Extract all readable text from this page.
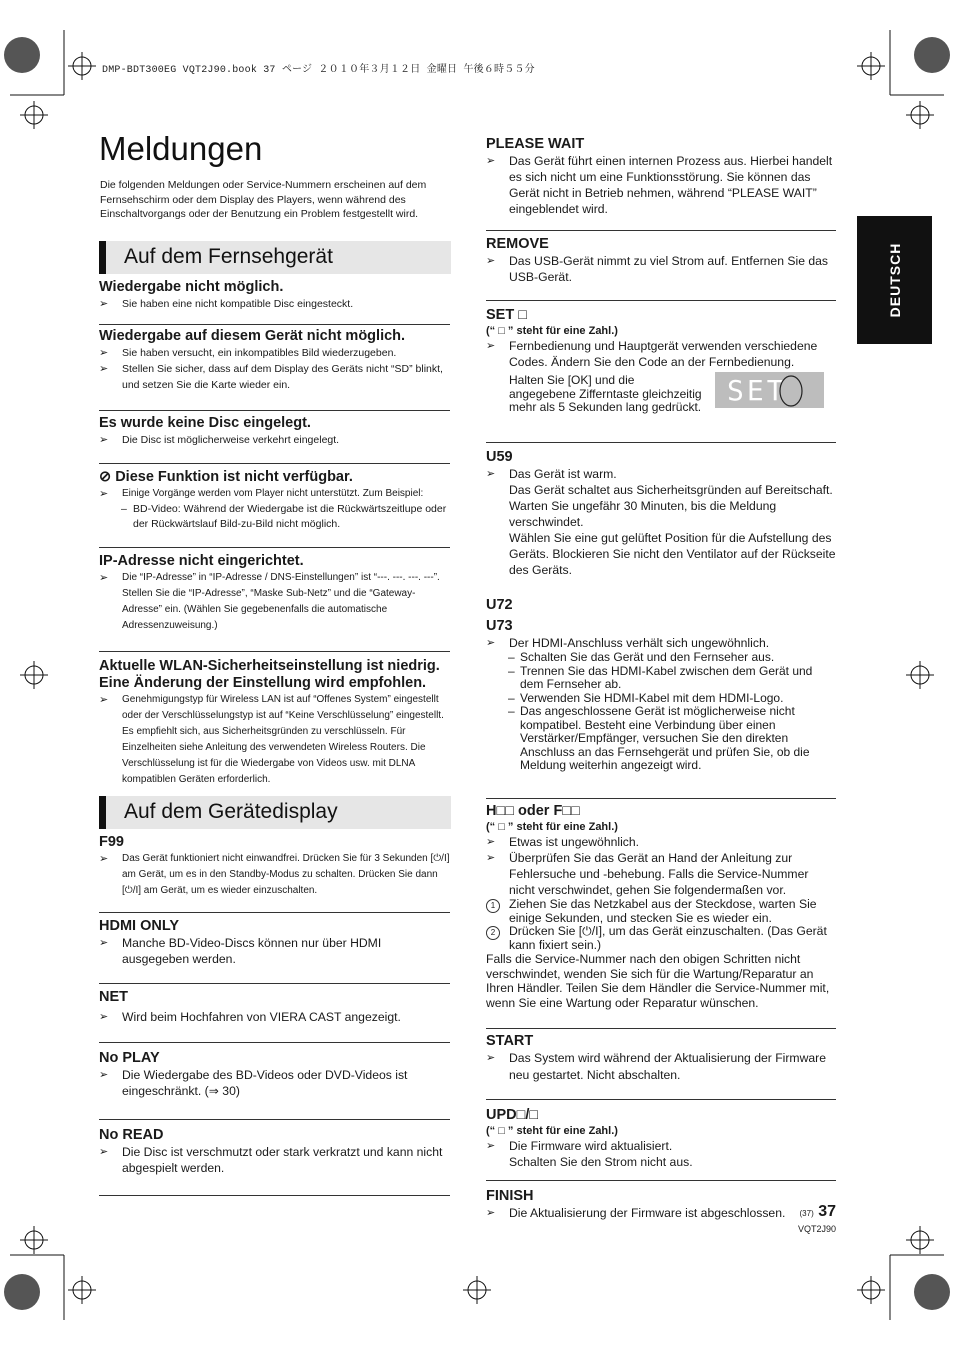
DMP-BDT300EG VQT2J90.book 37 ページ ２０１０年３月１２日 金曜日 午後６時５５分
Meldungen
Die folgenden Meldungen oder Service-Nummern erscheinen auf dem Fernsehschirm oder dem Display des Players, wenn während des Einschaltvorgangs oder der Benutzung ein Problem festgestellt wird.
DEUTSCH
Auf dem Fernsehgerät
Wiedergabe nicht möglich.
➢ Sie haben eine nicht kompatible Disc eingesteckt.
Wiedergabe auf diesem Gerät nicht möglich.
➢ Sie haben versucht, ein inkompatibles Bild wiederzugeben.
➢ Stellen Sie sicher, dass auf dem Display des Geräts nicht “SD” blinkt, und setzen Sie die Karte wieder ein.
Es wurde keine Disc eingelegt.
➢ Die Disc ist möglicherweise verkehrt eingelegt.
⊘ Diese Funktion ist nicht verfügbar.
➢ Einige Vorgänge werden vom Player nicht unterstützt. Zum Beispiel:
– BD-Video: Während der Wiedergabe ist die Rückwärtszeitlupe oder der Rückwärtslauf Bild-zu-Bild nicht möglich.
IP-Adresse nicht eingerichtet.
➢ Die “IP-Adresse” in “IP-Adresse / DNS-Einstellungen” ist “---. ---. ---. ---”. Stellen Sie die “IP-Adresse”, “Maske Sub-Netz” und die “Gateway-Adresse” ein. (Wählen Sie gegebenenfalls die automatische Adressenzuweisung.)
Aktuelle WLAN-Sicherheitseinstellung ist niedrig.
Eine Änderung der Einstellung wird empfohlen.
➢ Genehmigungstyp für Wireless LAN ist auf “Offenes System” eingestellt oder der Verschlüsselungstyp ist auf “Keine Verschlüsselung” eingestellt. Es empfiehlt sich, aus Sicherheitsgründen zu verschlüsseln. Für Einzelheiten siehe Anleitung des verwendeten Wireless Routers. Die Verschlüsselung ist für die Wiedergabe von Videos usw. mit DLNA kompatiblen Geräten erforderlich.
Auf dem Gerätedisplay
F99
➢ Das Gerät funktioniert nicht einwandfrei. Drücken Sie für 3 Sekunden [⏻/I] am Gerät, um es in den Standby-Modus zu schalten. Drücken Sie dann [⏻/I] am Gerät, um es wieder einzuschalten.
HDMI ONLY
➢ Manche BD-Video-Discs können nur über HDMI ausgegeben werden.
NET
➢ Wird beim Hochfahren von VIERA CAST angezeigt.
No PLAY
➢ Die Wiedergabe des BD-Videos oder DVD-Videos ist eingeschränkt. (⇒ 30)
No READ
➢ Die Disc ist verschmutzt oder stark verkratzt und kann nicht abgespielt werden.
PLEASE WAIT
➢ Das Gerät führt einen internen Prozess aus. Hierbei handelt es sich nicht um eine Funktionsstörung. Sie können das Gerät nicht in Betrieb nehmen, während “PLEASE WAIT” eingeblendet wird.
REMOVE
➢ Das USB-Gerät nimmt zu viel Strom auf. Entfernen Sie das USB-Gerät.
SET □
(“ □ ” steht für eine Zahl.)
➢ Fernbedienung und Hauptgerät verwenden verschiedene Codes. Ändern Sie den Code an der Fernbedienung.
Halten Sie [OK] und die angegebene Zifferntaste gleichzeitig mehr als 5 Sekunden lang gedrückt.
U59
➢ Das Gerät ist warm.
Das Gerät schaltet aus Sicherheitsgründen auf Bereitschaft. Warten Sie ungefähr 30 Minuten, bis die Meldung verschwindet.
Wählen Sie eine gut gelüftet Position für die Aufstellung des Geräts. Blockieren Sie nicht den Ventilator auf der Rückseite des Geräts.
U72
U73
➢ Der HDMI-Anschluss verhält sich ungewöhnlich.
– Schalten Sie das Gerät und den Fernseher aus.
– Trennen Sie das HDMI-Kabel zwischen dem Gerät und dem Fernseher ab.
– Verwenden Sie HDMI-Kabel mit dem HDMI-Logo.
– Das angeschlossene Gerät ist möglicherweise nicht kompatibel. Besteht eine Verbindung über einen Verstärker/Empfänger, versuchen Sie den direkten Anschluss an das Fernsehgerät und prüfen Sie, ob die Meldung weiterhin angezeigt wird.
H□□ oder F□□
(“ □ ” steht für eine Zahl.)
➢ Etwas ist ungewöhnlich.
➢ Überprüfen Sie das Gerät an Hand der Anleitung zur Fehlersuche und -behebung. Falls die Service-Nummer nicht verschwindet, gehen Sie folgendermaßen vor.
1	Ziehen Sie das Netzkabel aus der Steckdose, warten Sie einige Sekunden, und stecken Sie es wieder ein.
2	Drücken Sie [⏻/I], um das Gerät einzuschalten. (Das Gerät kann fixiert sein.)
Falls die Service-Nummer nach den obigen Schritten nicht verschwindet, wenden Sie sich für die Wartung/Reparatur an Ihren Händler. Teilen Sie dem Händler die Service-Nummer mit, wenn Sie eine Wartung oder Reparatur wünschen.
START
➢ Das System wird während der Aktualisierung der Firmware neu gestartet. Nicht abschalten.
UPD□/□
(“ □ ” steht für eine Zahl.)
➢ Die Firmware wird aktualisiert.
Schalten Sie den Strom nicht aus.
FINISH
➢ Die Aktualisierung der Firmware ist abgeschlossen.
SET 2
(37) 37
VQT2J90
